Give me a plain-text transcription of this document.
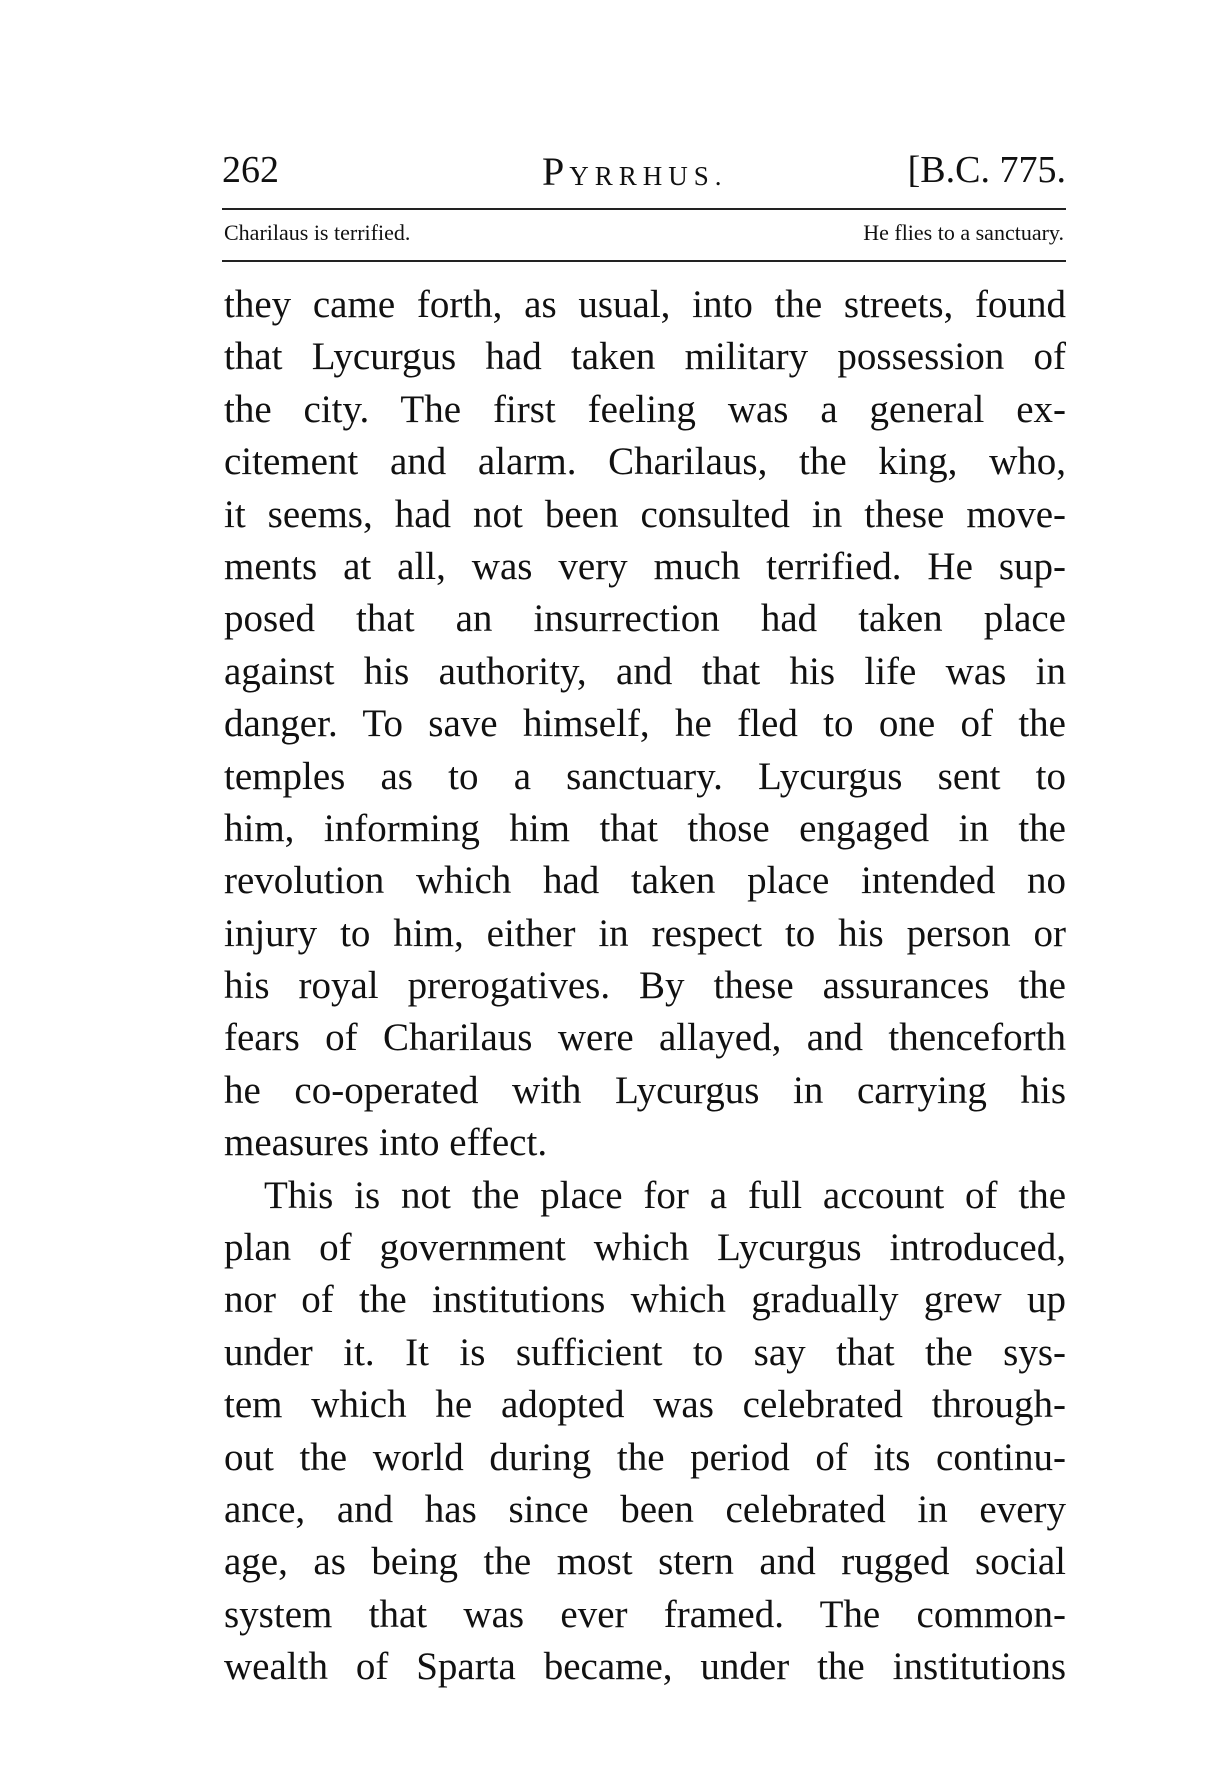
262	PYRRHUS.	[B.C. 775.
Charilaus is terrified.	He flies to a sanctuary.
they came forth, as usual, into the streets, found
that Lycurgus had taken military possession of
the city. The first feeling was a general ex-
citement and alarm. Charilaus, the king, who,
it seems, had not been consulted in these move-
ments at all, was very much terrified. He sup-
posed that an insurrection had taken place
against his authority, and that his life was in
danger. To save himself, he fled to one of the
temples as to a sanctuary. Lycurgus sent to
him, informing him that those engaged in the
revolution which had taken place intended no
injury to him, either in respect to his person or
his royal prerogatives. By these assurances the
fears of Charilaus were allayed, and thenceforth
he co-operated with Lycurgus in carrying his
measures into effect.
This is not the place for a full account of the
plan of government which Lycurgus introduced,
nor of the institutions which gradually grew up
under it. It is sufficient to say that the sys-
tem which he adopted was celebrated through-
out the world during the period of its continu-
ance, and has since been celebrated in every
age, as being the most stern and rugged social
system that was ever framed. The common-
wealth of Sparta became, under the institutions
